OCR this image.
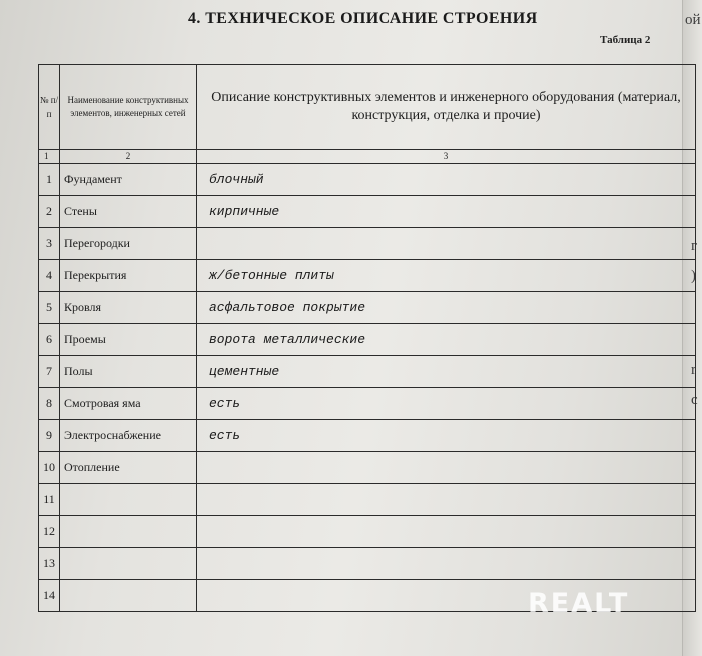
ой
г
)
r
c
4. ТЕХНИЧЕСКОЕ ОПИСАНИЕ СТРОЕНИЯ
Таблица 2
№ п/п	Наименование конструктивных элементов, инженерных сетей	Описание конструктивных элементов и инженерного оборудования (материал, конструкция, отделка и прочие)
1	2	3
1	Фундамент	блочный
2	Стены	кирпичные
3	Перегородки	
4	Перекрытия	ж/бетонные плиты
5	Кровля	асфальтовое покрытие
6	Проемы	ворота металлические
7	Полы	цементные
8	Смотровая яма	есть
9	Электроснабжение	есть
10	Отопление	
11		
12		
13		
14			REALT
